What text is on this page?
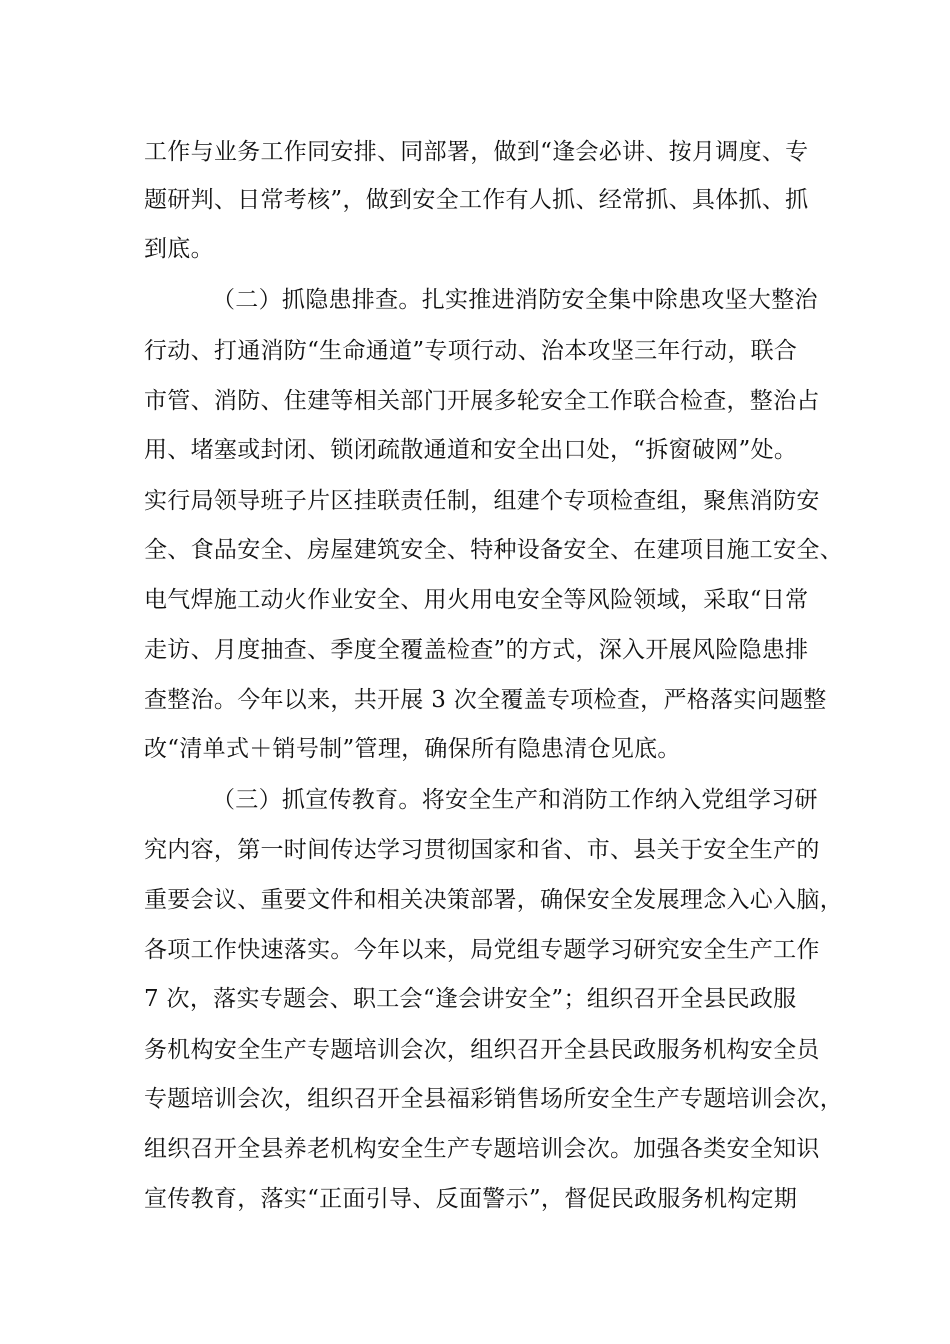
工作与业务工作同安排、同部署，做到“逢会必讲、按月调度、专
题研判、日常考核”，做到安全工作有人抓、经常抓、具体抓、抓
到底。
（二）抓隐患排查。扎实推进消防安全集中除患攻坚大整治
行动、打通消防“生命通道”专项行动、治本攻坚三年行动，联合
市管、消防、住建等相关部门开展多轮安全工作联合检查，整治占
用、堵塞或封闭、锁闭疏散通道和安全出口处，“拆窗破网”处。
实行局领导班子片区挂联责任制，组建个专项检查组，聚焦消防安
全、食品安全、房屋建筑安全、特种设备安全、在建项目施工安全、
电气焊施工动火作业安全、用火用电安全等风险领域，采取“日常
走访、月度抽查、季度全覆盖检查”的方式，深入开展风险隐患排
查整治。今年以来，共开展 3 次全覆盖专项检查，严格落实问题整
改“清单式＋销号制”管理，确保所有隐患清仓见底。
（三）抓宣传教育。将安全生产和消防工作纳入党组学习研
究内容，第一时间传达学习贯彻国家和省、市、县关于安全生产的
重要会议、重要文件和相关决策部署，确保安全发展理念入心入脑，
各项工作快速落实。今年以来，局党组专题学习研究安全生产工作
7 次，落实专题会、职工会“逢会讲安全”；组织召开全县民政服
务机构安全生产专题培训会次，组织召开全县民政服务机构安全员
专题培训会次，组织召开全县福彩销售场所安全生产专题培训会次，
组织召开全县养老机构安全生产专题培训会次。加强各类安全知识
宣传教育，落实“正面引导、反面警示”，督促民政服务机构定期
